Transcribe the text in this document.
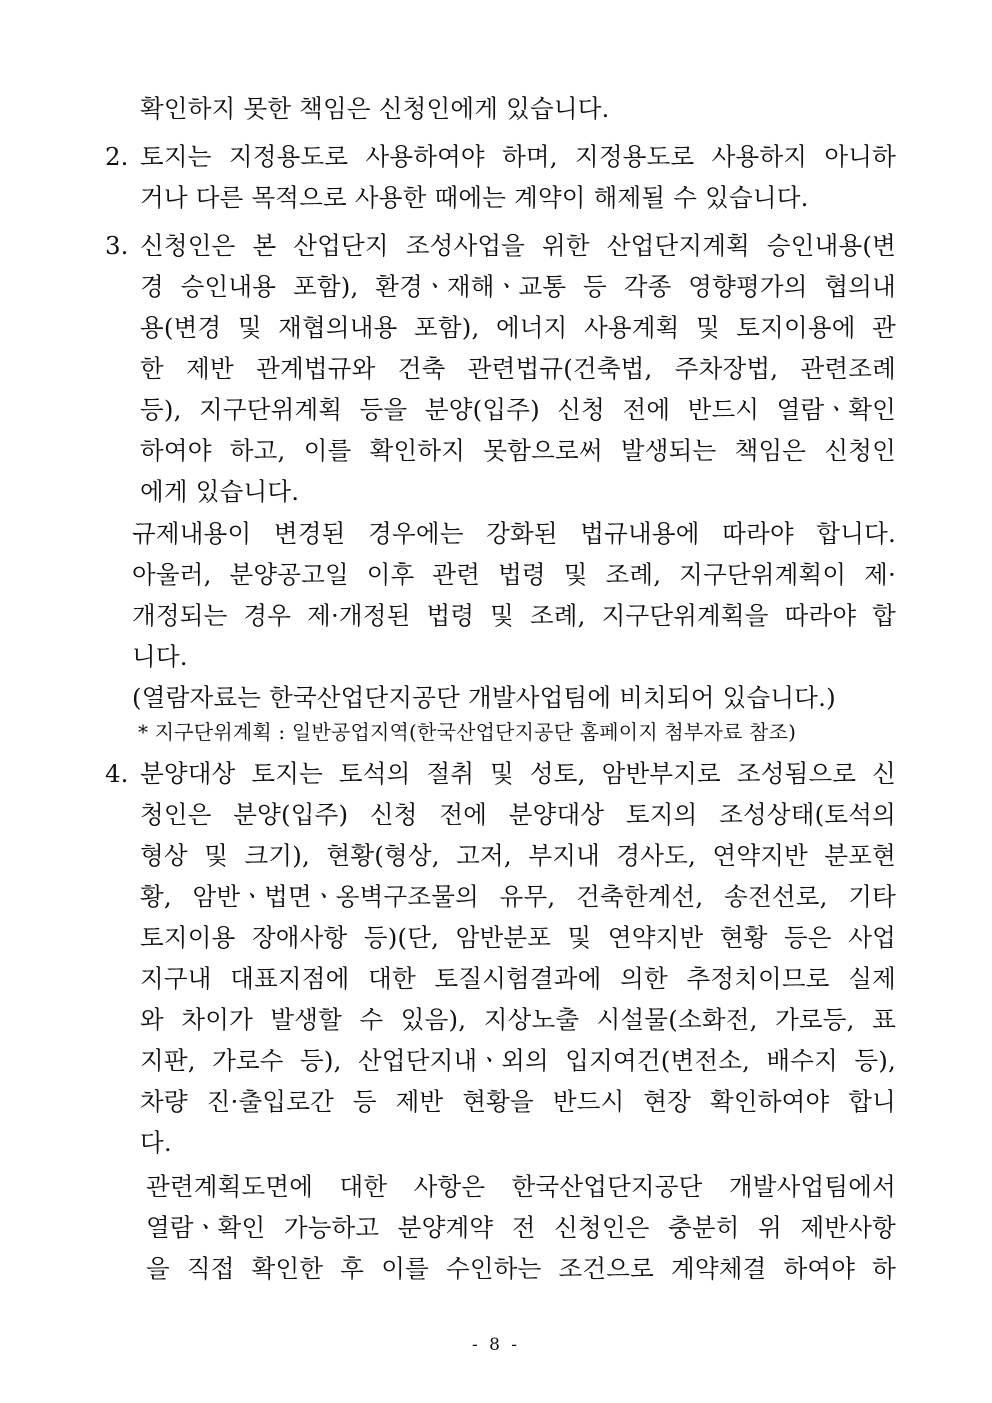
확인하지 못한 책임은 신청인에게 있습니다.
2. 토지는 지정용도로 사용하여야 하며, 지정용도로 사용하지 아니하
거나 다른 목적으로 사용한 때에는 계약이 해제될 수 있습니다.
3. 신청인은 본 산업단지 조성사업을 위한 산업단지계획 승인내용(변
경 승인내용 포함), 환경ㆍ재해ㆍ교통 등 각종 영향평가의 협의내
용(변경 및 재협의내용 포함), 에너지 사용계획 및 토지이용에 관
한 제반 관계법규와 건축 관련법규(건축법, 주차장법, 관련조례
등), 지구단위계획 등을 분양(입주) 신청 전에 반드시 열람ㆍ확인
하여야 하고, 이를 확인하지 못함으로써 발생되는 책임은 신청인
에게 있습니다.
규제내용이 변경된 경우에는 강화된 법규내용에 따라야 합니다.
아울러, 분양공고일 이후 관련 법령 및 조례, 지구단위계획이 제·
개정되는 경우 제·개정된 법령 및 조례, 지구단위계획을 따라야 합
니다.
(열람자료는 한국산업단지공단 개발사업팀에 비치되어 있습니다.)
* 지구단위계획 : 일반공업지역(한국산업단지공단 홈페이지 첨부자료 참조)
4. 분양대상 토지는 토석의 절취 및 성토, 암반부지로 조성됨으로 신
청인은 분양(입주) 신청 전에 분양대상 토지의 조성상태(토석의
형상 및 크기), 현황(형상, 고저, 부지내 경사도, 연약지반 분포현
황, 암반ㆍ법면ㆍ옹벽구조물의 유무, 건축한계선, 송전선로, 기타
토지이용 장애사항 등)(단, 암반분포 및 연약지반 현황 등은 사업
지구내 대표지점에 대한 토질시험결과에 의한 추정치이므로 실제
와 차이가 발생할 수 있음), 지상노출 시설물(소화전, 가로등, 표
지판, 가로수 등), 산업단지내ㆍ외의 입지여건(변전소, 배수지 등),
차량 진·출입로간 등 제반 현황을 반드시 현장 확인하여야 합니
다.
관련계획도면에 대한 사항은 한국산업단지공단 개발사업팀에서
열람ㆍ확인 가능하고 분양계약 전 신청인은 충분히 위 제반사항
을 직접 확인한 후 이를 수인하는 조건으로 계약체결 하여야 하
- 8 -
